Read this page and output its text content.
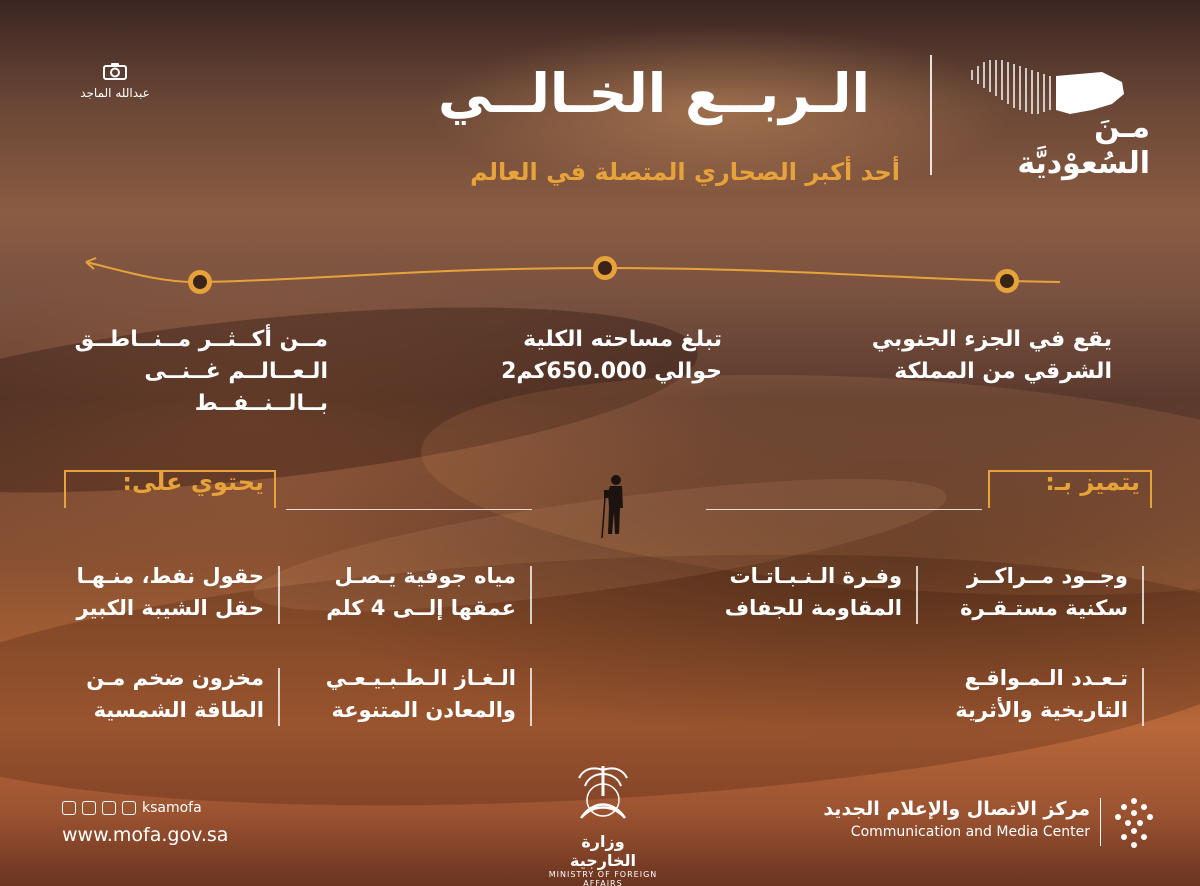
عبدالله الماجد	الـربــع الخـالــي
أحد أكبر الصحاري المتصلة في العالم
مـنَ
السُعوْديَّة
يقع في الجزء الجنوبي
الشرقي من المملكة
تبلغ مساحته الكلية
حوالي 650.000كم2
مــن أكــثــر مــنــاطــق
الـعــالــم غــنــى بــالــنــفــط
يتميز بـ:
يحتوي على:
وجــود مــراكــز
سكنية مستـقـرة
وفـرة الـنـبـاتـات
المقاومة للجفاف
تـعـدد الـمـواقـع
التاريخية والأثرية
مياه جوفية يـصـل
عمقها إلــى 4 كلم
حقول نفط، منـهـا
حقل الشيبة الكبير
الـغـاز الـطـبـيـعـي
والمعادن المتنوعة
مخزون ضخم مـن
الطاقة الشمسية
ksamofa
www.mofa.gov.sa	وزارة الخارجية
MINISTRY OF FOREIGN AFFAIRS
مركز الاتصال والإعلام الجديد
Communication and Media Center
